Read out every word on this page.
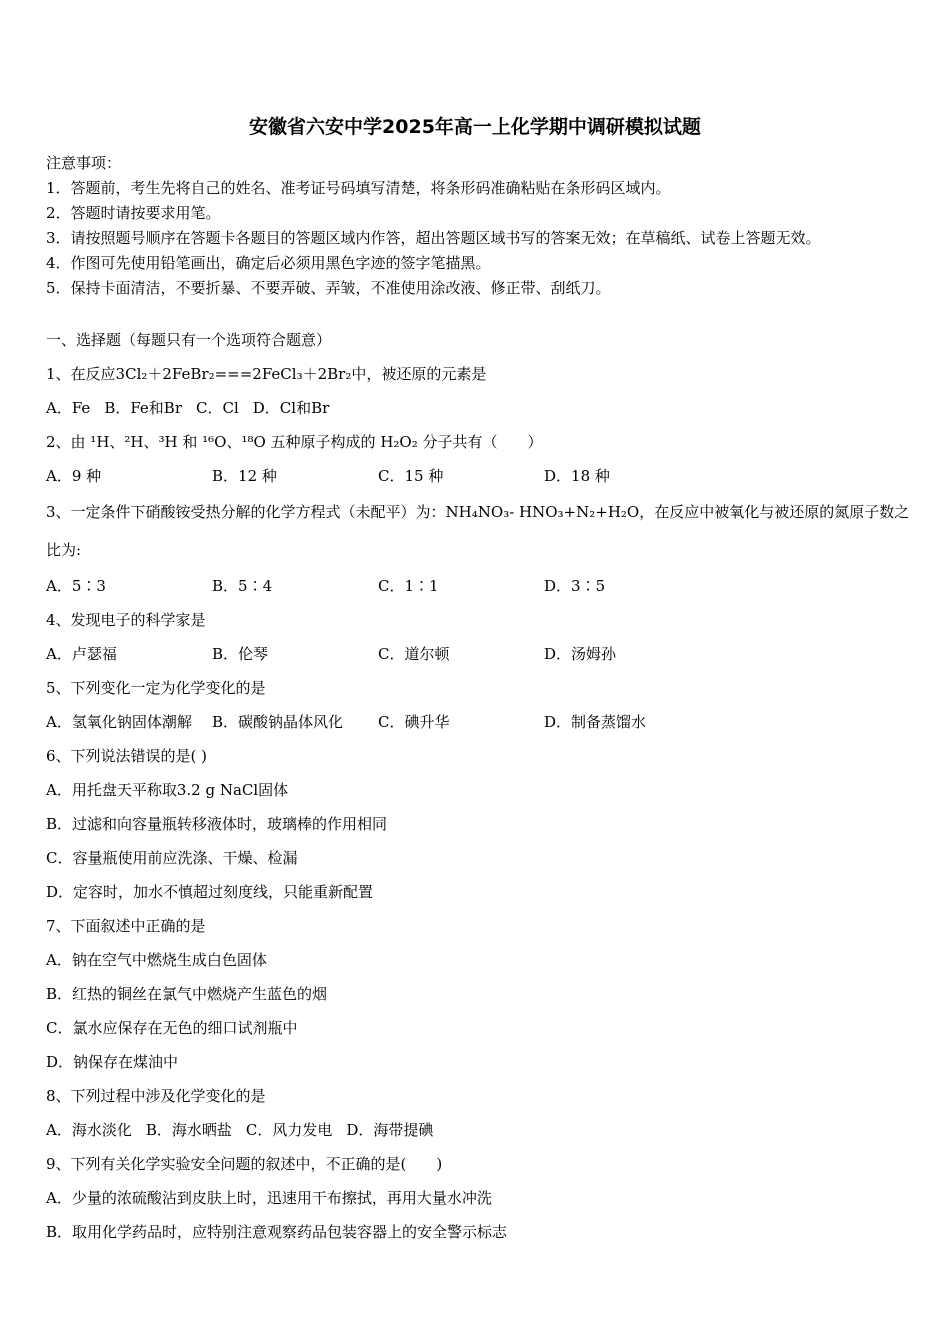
安徽省六安中学2025年高一上化学期中调研模拟试题
注意事项：
1．答题前，考生先将自己的姓名、准考证号码填写清楚，将条形码准确粘贴在条形码区域内。
2．答题时请按要求用笔。
3．请按照题号顺序在答题卡各题目的答题区域内作答，超出答题区域书写的答案无效；在草稿纸、试卷上答题无效。
4．作图可先使用铅笔画出，确定后必须用黑色字迹的签字笔描黑。
5．保持卡面清洁，不要折暴、不要弄破、弄皱，不准使用涂改液、修正带、刮纸刀。
一、选择题（每题只有一个选项符合题意）
1、在反应3Cl₂＋2FeBr₂===2FeCl₃＋2Br₂中，被还原的元素是
A．Fe B．Fe和Br C．Cl D．Cl和Br
2、由 ¹H、²H、³H 和 ¹⁶O、¹⁸O 五种原子构成的 H₂O₂ 分子共有（　　）
A．9 种	B．12 种	C．15 种	D．18 种
3、一定条件下硝酸铵受热分解的化学方程式（未配平）为：NH₄NO₃- HNO₃+N₂+H₂O，在反应中被氧化与被还原的氮原子数之比为:
A．5∶3	B．5∶4	C．1∶1	D．3∶5
4、发现电子的科学家是
A．卢瑟福	B．伦琴	C．道尔顿	D．汤姆孙
5、下列变化一定为化学变化的是
A．氢氧化钠固体潮解	B．碳酸钠晶体风化	C．碘升华	D．制备蒸馏水
6、下列说法错误的是( )
A．用托盘天平称取3.2 g NaCl固体
B．过滤和向容量瓶转移液体时，玻璃棒的作用相同
C．容量瓶使用前应洗涤、干燥、检漏
D．定容时，加水不慎超过刻度线，只能重新配置
7、下面叙述中正确的是
A．钠在空气中燃烧生成白色固体
B．红热的铜丝在氯气中燃烧产生蓝色的烟
C．氯水应保存在无色的细口试剂瓶中
D．钠保存在煤油中
8、下列过程中涉及化学变化的是
A．海水淡化 B．海水晒盐 C．风力发电 D．海带提碘
9、下列有关化学实验安全问题的叙述中，不正确的是(　　)
A．少量的浓硫酸沾到皮肤上时，迅速用干布擦拭，再用大量水冲洗
B．取用化学药品时，应特别注意观察药品包装容器上的安全警示标志
